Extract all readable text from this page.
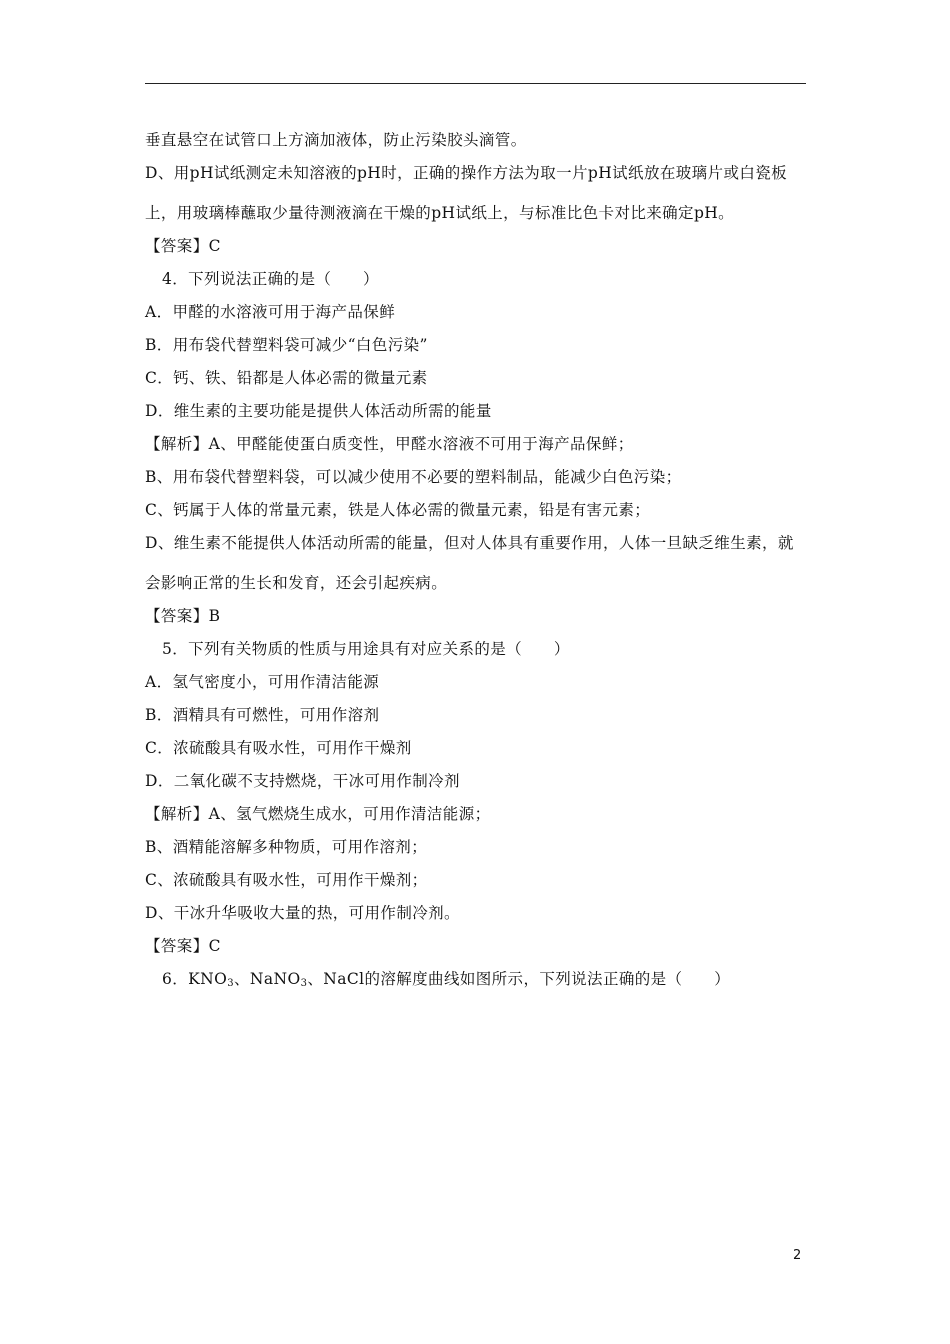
垂直悬空在试管口上方滴加液体，防止污染胶头滴管。
D、用pH试纸测定未知溶液的pH时，正确的操作方法为取一片pH试纸放在玻璃片或白瓷板
上，用玻璃棒蘸取少量待测液滴在干燥的pH试纸上，与标准比色卡对比来确定pH。
【答案】C
4．下列说法正确的是（　　）
A．甲醛的水溶液可用于海产品保鲜
B．用布袋代替塑料袋可减少“白色污染”
C．钙、铁、铅都是人体必需的微量元素
D．维生素的主要功能是提供人体活动所需的能量
【解析】A、甲醛能使蛋白质变性，甲醛水溶液不可用于海产品保鲜；
B、用布袋代替塑料袋，可以减少使用不必要的塑料制品，能减少白色污染；
C、钙属于人体的常量元素，铁是人体必需的微量元素，铅是有害元素；
D、维生素不能提供人体活动所需的能量，但对人体具有重要作用，人体一旦缺乏维生素，就
会影响正常的生长和发育，还会引起疾病。
【答案】B
5．下列有关物质的性质与用途具有对应关系的是（　　）
A．氢气密度小，可用作清洁能源
B．酒精具有可燃性，可用作溶剂
C．浓硫酸具有吸水性，可用作干燥剂
D．二氧化碳不支持燃烧，干冰可用作制冷剂
【解析】A、氢气燃烧生成水，可用作清洁能源；
B、酒精能溶解多种物质，可用作溶剂；
C、浓硫酸具有吸水性，可用作干燥剂；
D、干冰升华吸收大量的热，可用作制冷剂。
【答案】C
6．$KNO_3$、NaNO$_3$、NaCl的溶解度曲线如图所示，下列说法正确的是（　　）
2
